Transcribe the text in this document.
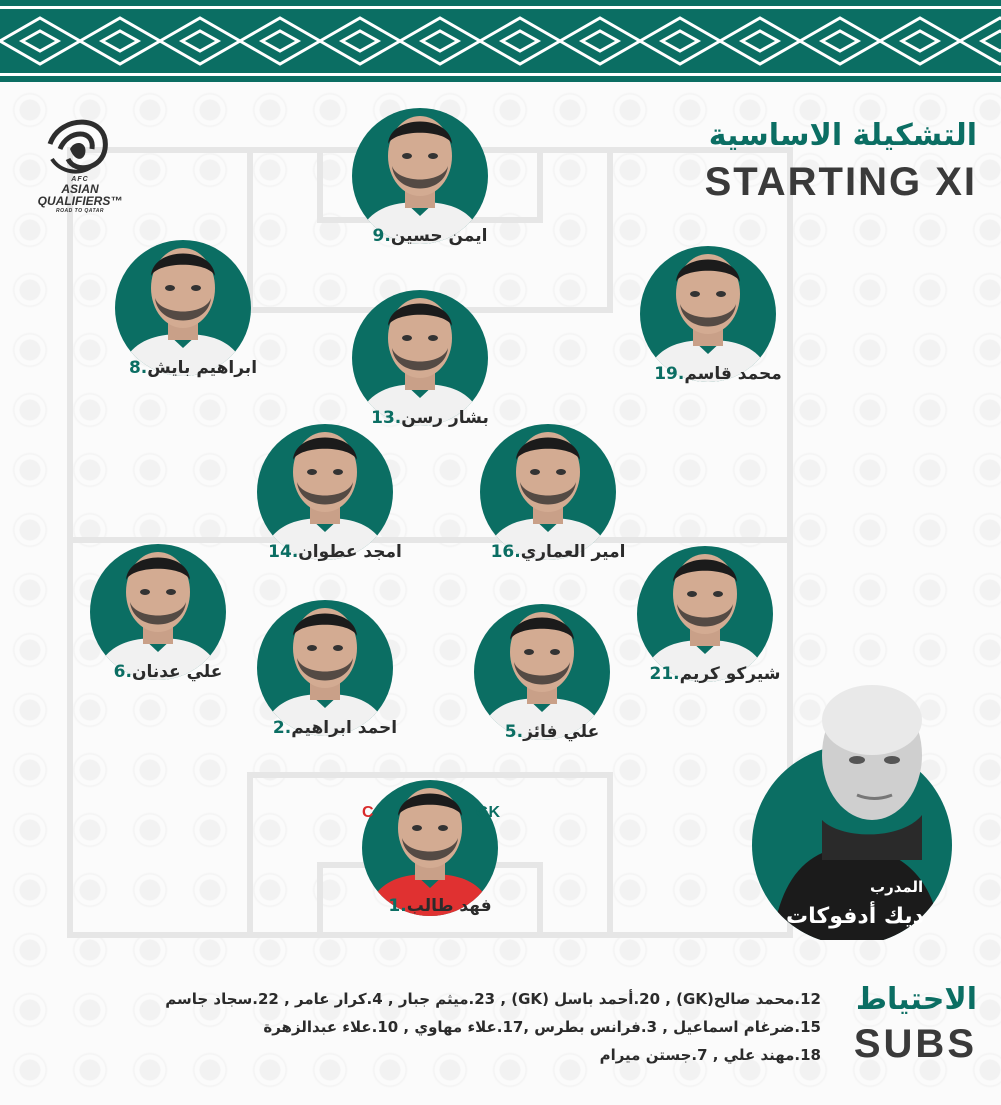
AFC
ASIAN
QUALIFIERS™
ROAD TO QATAR
التشكيلة الاساسية
STARTING XI
9.ايمن حسين
8.ابراهيم بايش	19.محمد قاسم
13.بشار رسن
14.امجد عطوان	16.امير العماري
6.علي عدنان	21.شيركو كريم
2.احمد ابراهيم	5.علي فائز
1.فهد طالب
GK
C
المدرب
ديك أدفوكات
الاحتياط
SUBS
12.محمد صالح(GK) , 20.أحمد باسل (GK) , 23.ميثم جبار , 4.كرار عامر , 22.سجاد جاسم
15.ضرغام اسماعيل , 3.فرانس بطرس ,17.علاء مهاوي , 10.علاء عبدالزهرة
18.مهند علي , 7.جستن ميرام
